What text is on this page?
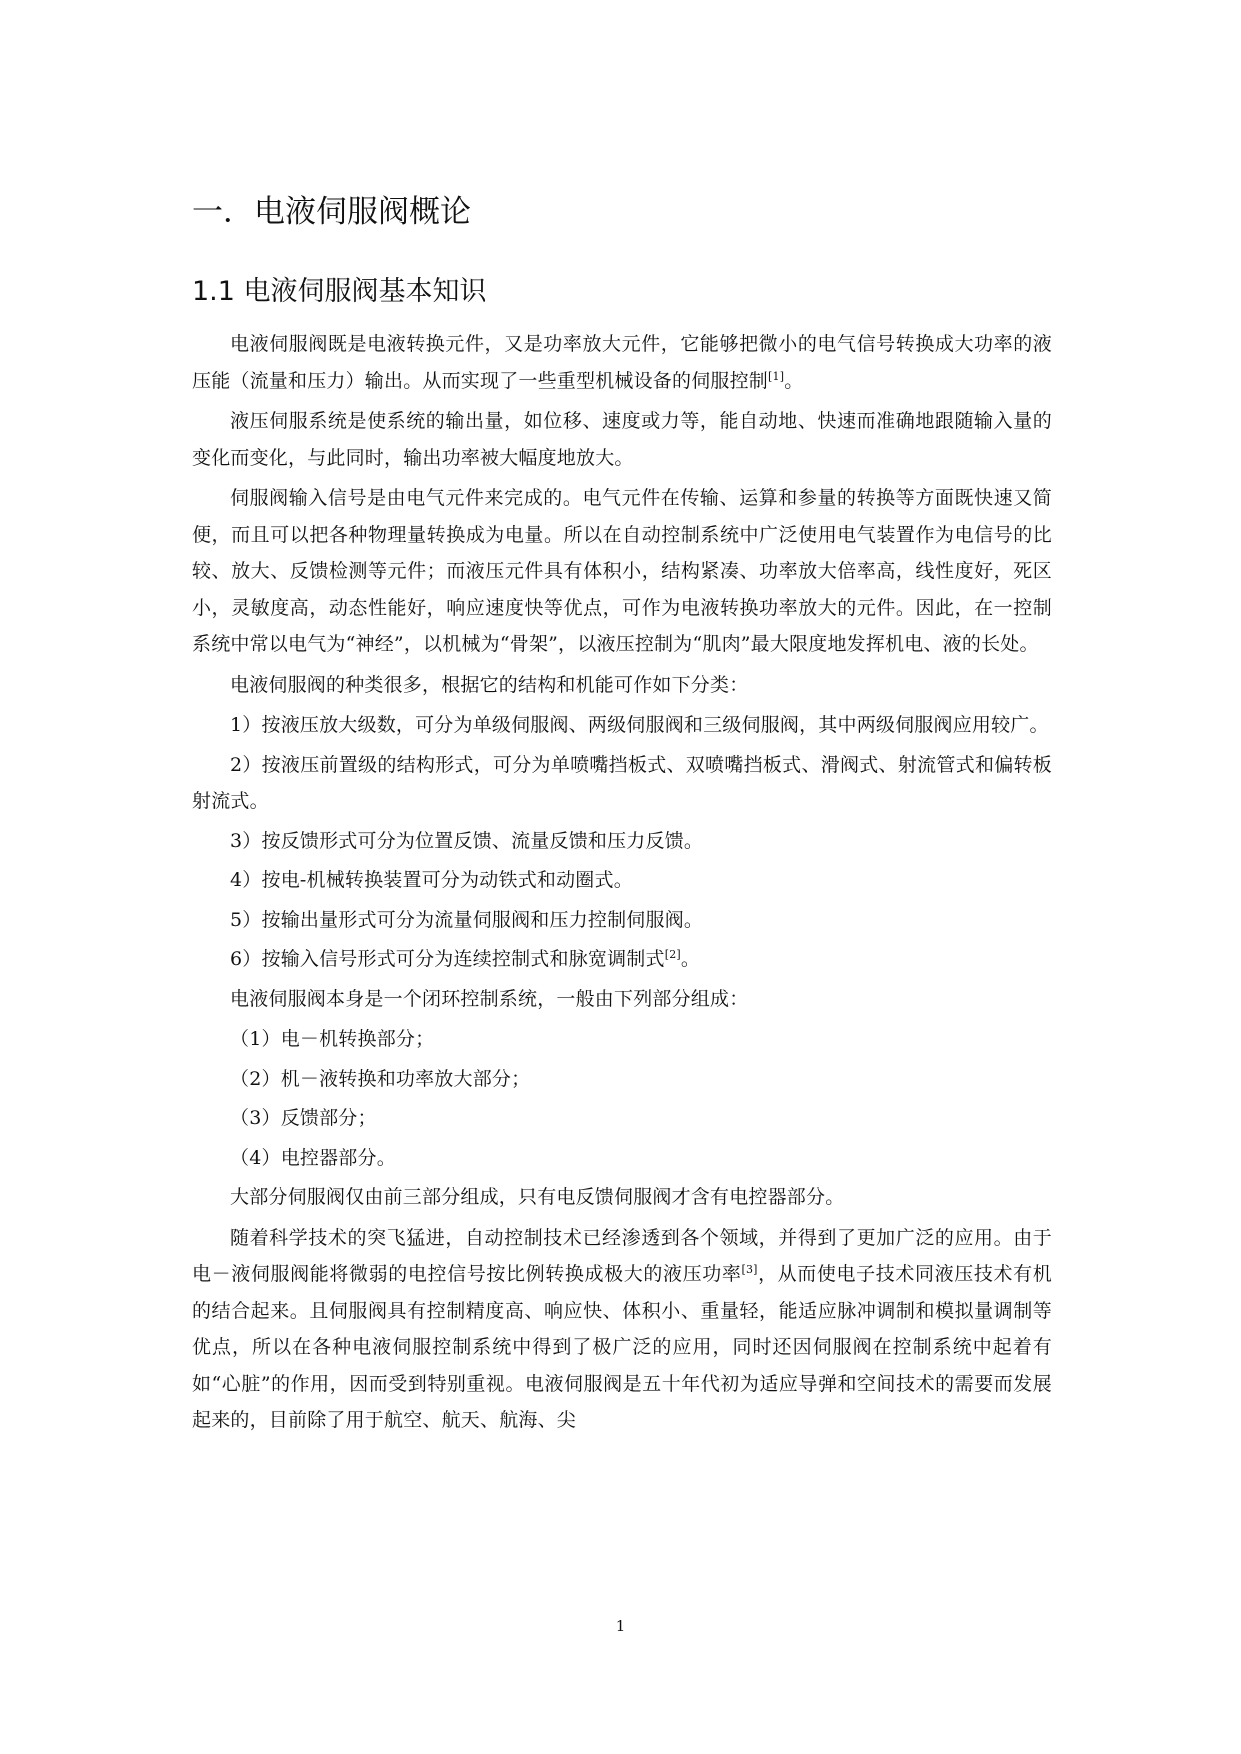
一．电液伺服阀概论
1.1 电液伺服阀基本知识

电液伺服阀既是电液转换元件，又是功率放大元件，它能够把微小的电气信号转换成大功率的液压能（流量和压力）输出。从而实现了一些重型机械设备的伺服控制[1]。

液压伺服系统是使系统的输出量，如位移、速度或力等，能自动地、快速而准确地跟随输入量的变化而变化，与此同时，输出功率被大幅度地放大。

伺服阀输入信号是由电气元件来完成的。电气元件在传输、运算和参量的转换等方面既快速又简便，而且可以把各种物理量转换成为电量。所以在自动控制系统中广泛使用电气装置作为电信号的比较、放大、反馈检测等元件；而液压元件具有体积小，结构紧凑、功率放大倍率高，线性度好，死区小，灵敏度高，动态性能好，响应速度快等优点，可作为电液转换功率放大的元件。因此，在一控制系统中常以电气为“神经”，以机械为“骨架”，以液压控制为“肌肉”最大限度地发挥机电、液的长处。

电液伺服阀的种类很多，根据它的结构和机能可作如下分类：

1）按液压放大级数，可分为单级伺服阀、两级伺服阀和三级伺服阀，其中两级伺服阀应用较广。

2）按液压前置级的结构形式，可分为单喷嘴挡板式、双喷嘴挡板式、滑阀式、射流管式和偏转板射流式。

3）按反馈形式可分为位置反馈、流量反馈和压力反馈。

4）按电-机械转换装置可分为动铁式和动圈式。

5）按输出量形式可分为流量伺服阀和压力控制伺服阀。

6）按输入信号形式可分为连续控制式和脉宽调制式[2]。

电液伺服阀本身是一个闭环控制系统，一般由下列部分组成：

（1）电－机转换部分；

（2）机－液转换和功率放大部分；

（3）反馈部分；

（4）电控器部分。

大部分伺服阀仅由前三部分组成，只有电反馈伺服阀才含有电控器部分。

随着科学技术的突飞猛进，自动控制技术已经渗透到各个领域，并得到了更加广泛的应用。由于电－液伺服阀能将微弱的电控信号按比例转换成极大的液压功率[3]，从而使电子技术同液压技术有机的结合起来。且伺服阀具有控制精度高、响应快、体积小、重量轻，能适应脉冲调制和模拟量调制等优点，所以在各种电液伺服控制系统中得到了极广泛的应用，同时还因伺服阀在控制系统中起着有如“心脏”的作用，因而受到特别重视。电液伺服阀是五十年代初为适应导弹和空间技术的需要而发展起来的，目前除了用于航空、航天、航海、尖

1
